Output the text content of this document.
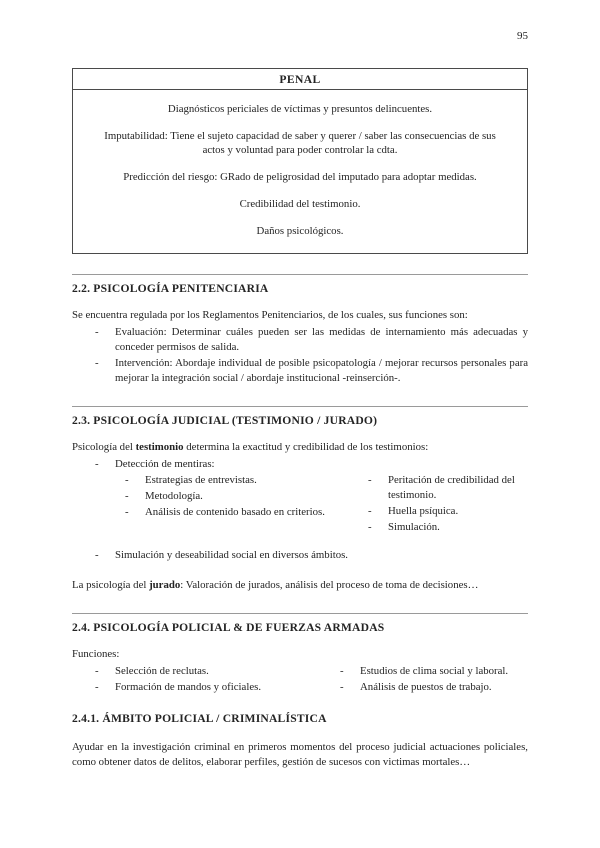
95
PENAL

Diagnósticos periciales de víctimas y presuntos delincuentes.

Imputabilidad: Tiene el sujeto capacidad de saber y querer / saber las consecuencias de sus actos y voluntad para poder controlar la cdta.

Predicción del riesgo: GRado de peligrosidad del imputado para adoptar medidas.

Credibilidad del testimonio.

Daños psicológicos.

2.2. PSICOLOGÍA PENITENCIARIA

Se encuentra regulada por los Reglamentos Penitenciarios, de los cuales, sus funciones son:

- Evaluación: Determinar cuáles pueden ser las medidas de internamiento más adecuadas y conceder permisos de salida.
- Intervención: Abordaje individual de posible psicopatología / mejorar recursos personales para mejorar la integración social / abordaje institucional -reinserción-.
2.3. PSICOLOGÍA JUDICIAL (TESTIMONIO / JURADO)

Psicología del testimonio determina la exactitud y credibilidad de los testimonios:

- Detección de mentiras:
- Estrategias de entrevistas.
- Metodología.
- Análisis de contenido basado en criterios.
- Peritación de credibilidad del testimonio.
- Huella psíquica.
- Simulación.
- Simulación y deseabilidad social en diversos ámbitos.

La psicología del jurado: Valoración de jurados, análisis del proceso de toma de decisiones…

2.4. PSICOLOGÍA POLICIAL & DE FUERZAS ARMADAS

Funciones:

- Selección de reclutas.
- Formación de mandos y oficiales.
- Estudios de clima social y laboral.
- Análisis de puestos de trabajo.
2.4.1. ÁMBITO POLICIAL / CRIMINALÍSTICA

Ayudar en la investigación criminal en primeros momentos del proceso judicial actuaciones policiales, como obtener datos de delitos, elaborar perfiles, gestión de sucesos con victimas mortales…
